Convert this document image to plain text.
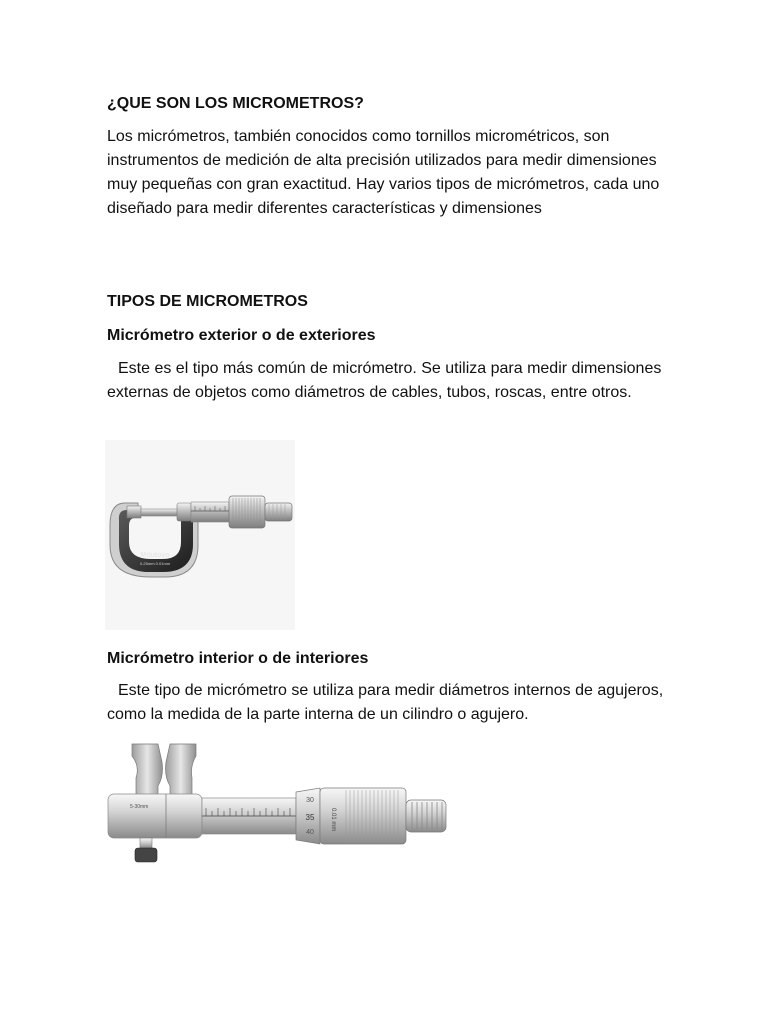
¿QUE SON LOS MICROMETROS?

Los micrómetros, también conocidos como tornillos micrométricos, son instrumentos de medición de alta precisión utilizados para medir dimensiones muy pequeñas con gran exactitud. Hay varios tipos de micrómetros, cada uno diseñado para medir diferentes características y dimensiones

TIPOS DE MICROMETROS
Micrómetro exterior o de exteriores

Este es el tipo más común de micrómetro. Se utiliza para medir dimensiones externas de objetos como diámetros de cables, tubos, roscas, entre otros.

Mitutoyo
0-25mm 0.01mm
Micrómetro interior o de interiores

Este tipo de micrómetro se utiliza para medir diámetros internos de agujeros, como la medida de la parte interna de un cilindro o agujero.

5-30mm
30
35
40
0.01 mm
